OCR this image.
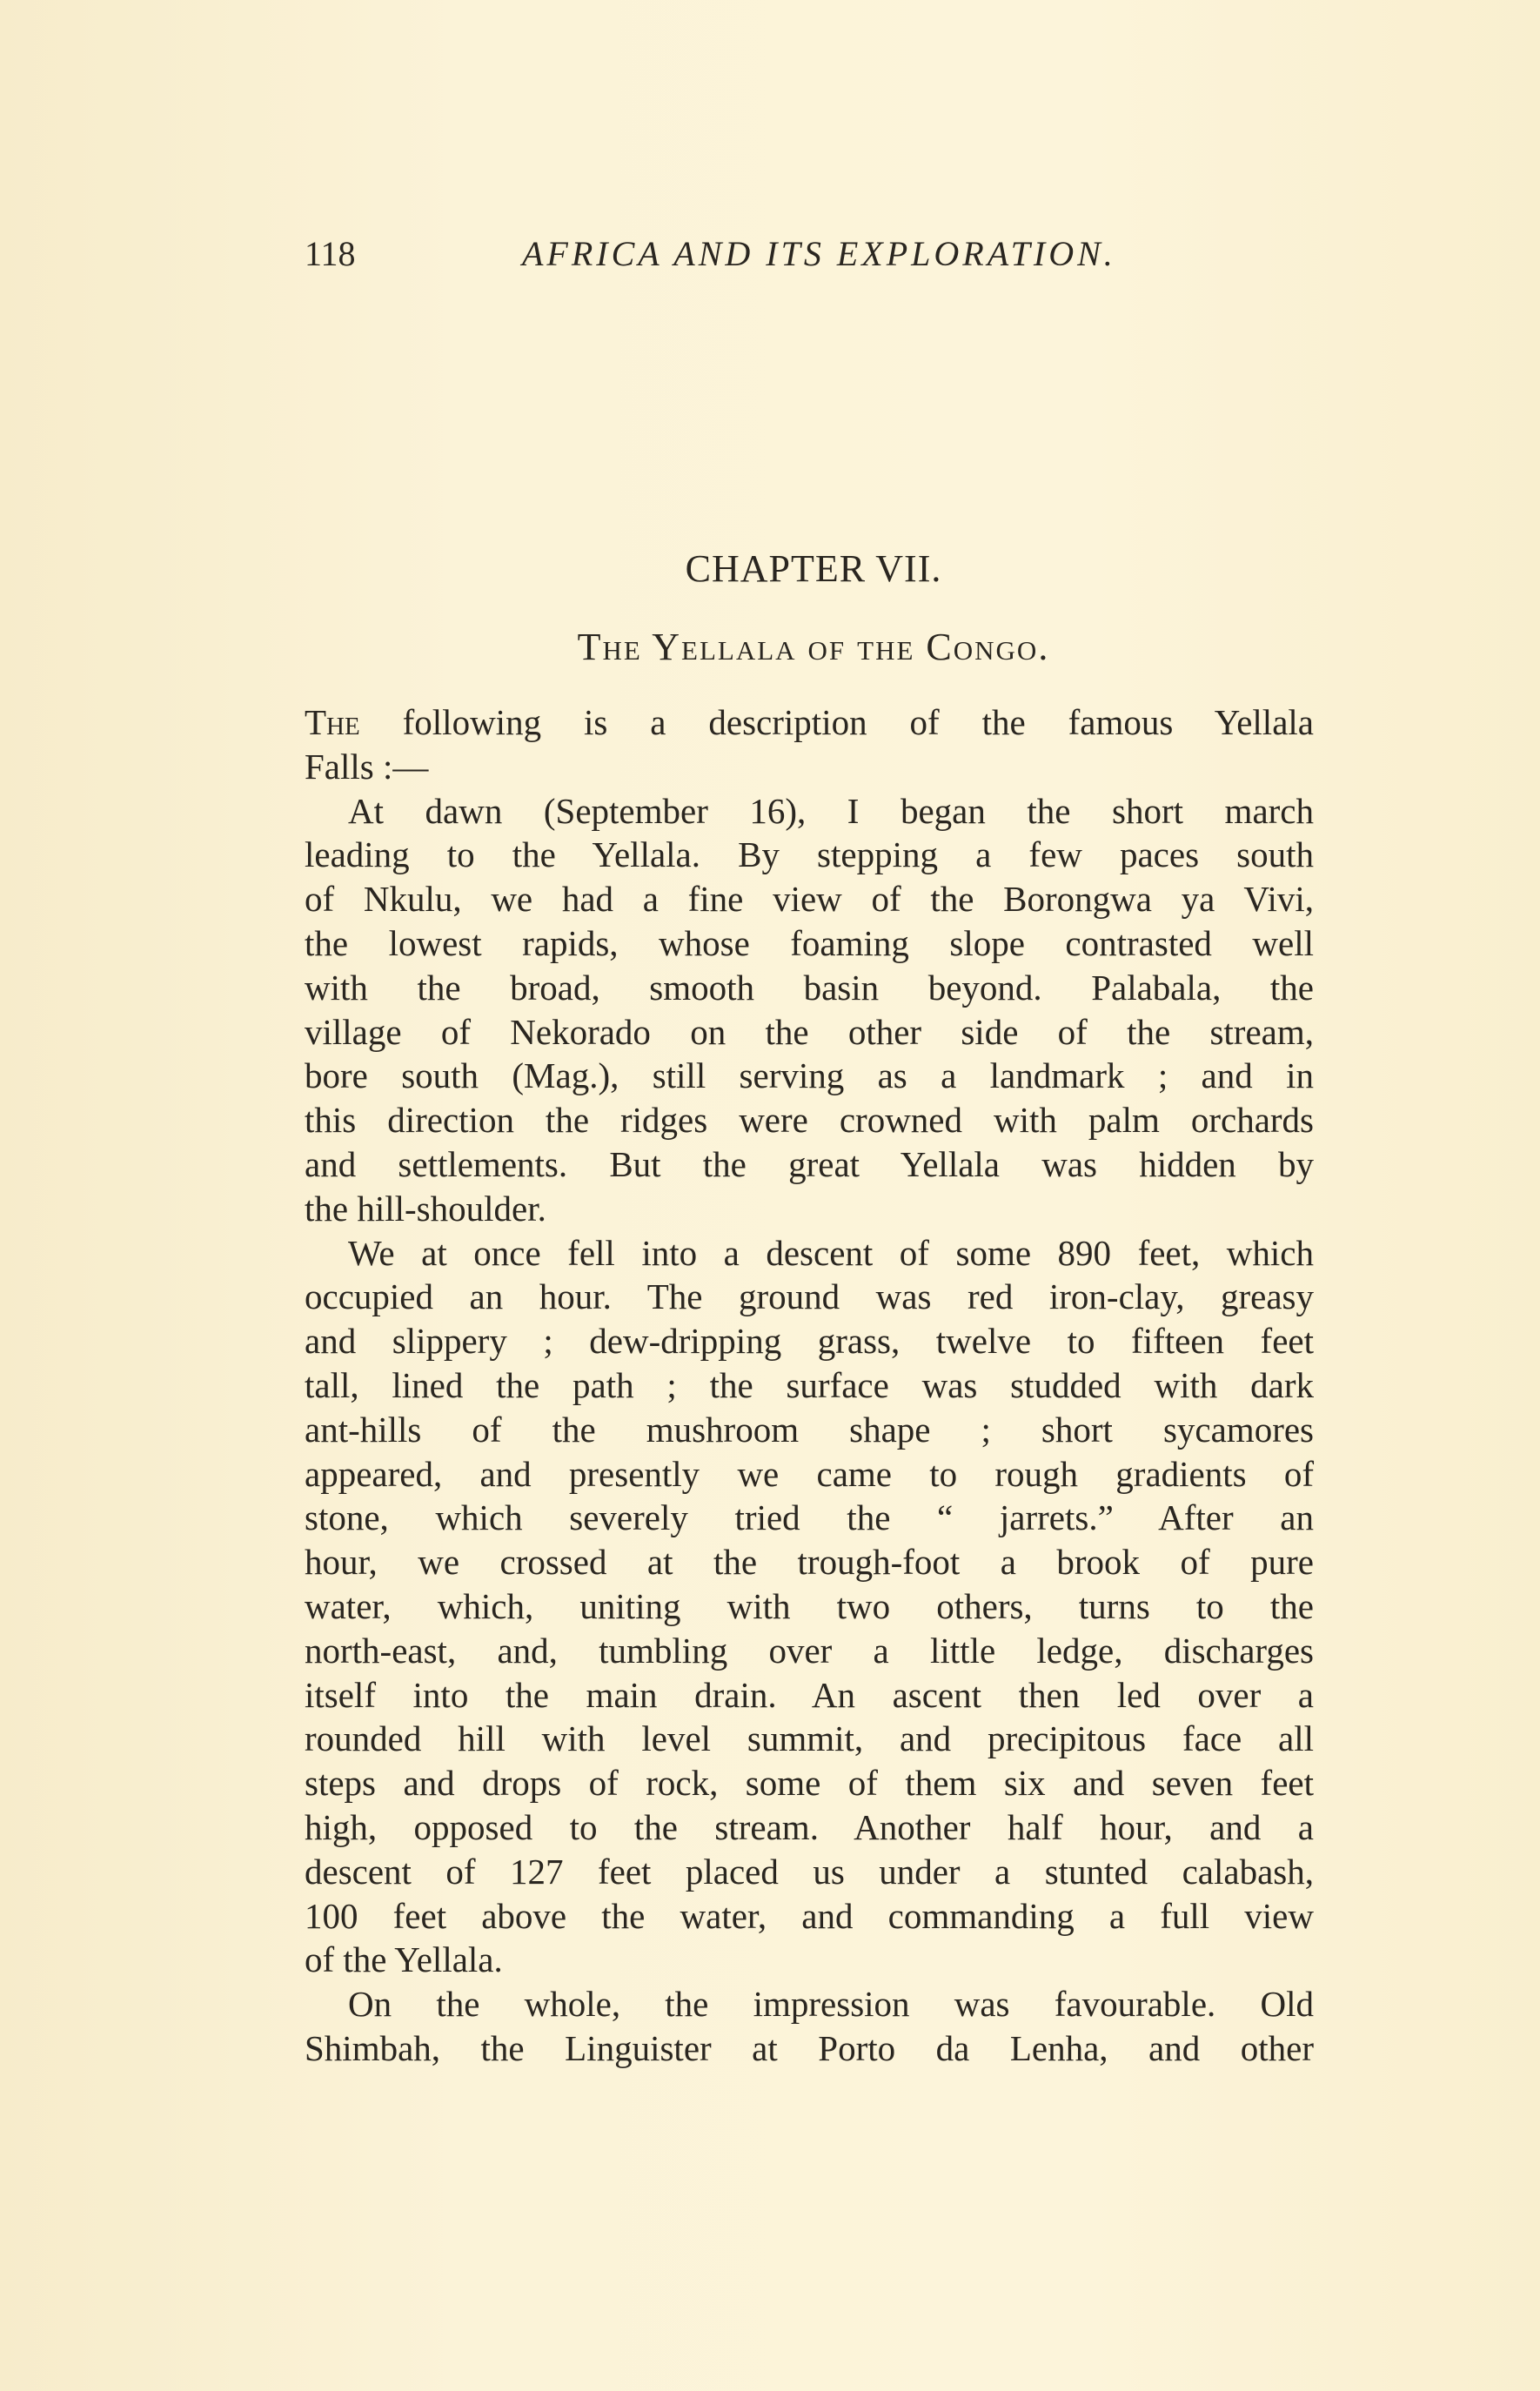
118	AFRICA AND ITS EXPLORATION.
CHAPTER VII.
The Yellala of the Congo.
The following is a description of the famous Yellala
Falls :—
At dawn (September 16), I began the short march
leading to the Yellala. By stepping a few paces south
of Nkulu, we had a fine view of the Borongwa ya Vivi,
the lowest rapids, whose foaming slope contrasted well
with the broad, smooth basin beyond. Palabala, the
village of Nekorado on the other side of the stream,
bore south (Mag.), still serving as a landmark ; and in
this direction the ridges were crowned with palm orchards
and settlements. But the great Yellala was hidden by
the hill-shoulder.
We at once fell into a descent of some 890 feet, which
occupied an hour. The ground was red iron-clay, greasy
and slippery ; dew-dripping grass, twelve to fifteen feet
tall, lined the path ; the surface was studded with dark
ant-hills of the mushroom shape ; short sycamores
appeared, and presently we came to rough gradients of
stone, which severely tried the “ jarrets.” After an
hour, we crossed at the trough-foot a brook of pure
water, which, uniting with two others, turns to the
north-east, and, tumbling over a little ledge, discharges
itself into the main drain. An ascent then led over a
rounded hill with level summit, and precipitous face all
steps and drops of rock, some of them six and seven feet
high, opposed to the stream. Another half hour, and a
descent of 127 feet placed us under a stunted calabash,
100 feet above the water, and commanding a full view
of the Yellala.
On the whole, the impression was favourable. Old
Shimbah, the Linguister at Porto da Lenha, and other
